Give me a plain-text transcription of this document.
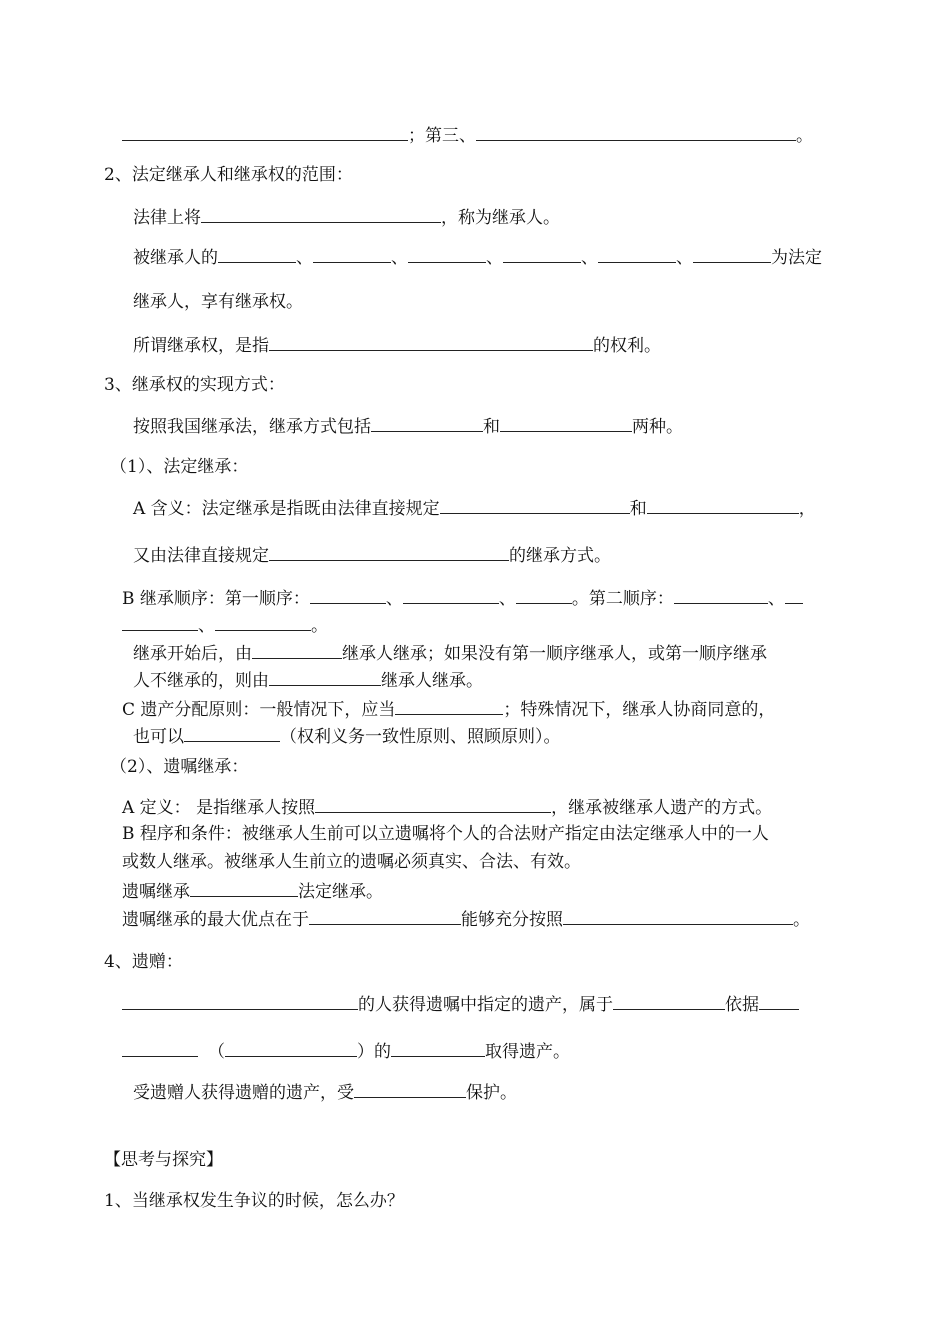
；第三、	。
2、法定继承人和继承权的范围：
法律上将	，称为继承人。
被继承人的	、	、	、	、	、	为法定
继承人，享有继承权。
所谓继承权，是指	的权利。
3、继承权的实现方式：
按照我国继承法，继承方式包括	和	两种。
（1）、法定继承：
A 含义：法定继承是指既由法律直接规定	和	，
又由法律直接规定	的继承方式。
B 继承顺序：第一顺序：	、	、	。第二顺序：	、
、	。
继承开始后，由	继承人继承；如果没有第一顺序继承人，或第一顺序继承
人不继承的，则由	继承人继承。
C 遗产分配原则：一般情况下，应当	；特殊情况下，继承人协商同意的，
也可以	（权利义务一致性原则、照顾原则）。
（2）、遗嘱继承：
A 定义： 是指继承人按照	，继承被继承人遗产的方式。
B 程序和条件：被继承人生前可以立遗嘱将个人的合法财产指定由法定继承人中的一人
或数人继承。被继承人生前立的遗嘱必须真实、合法、有效。
遗嘱继承	法定继承。
遗嘱继承的最大优点在于	能够充分按照	。
4、遗赠：
的人获得遗嘱中指定的遗产，属于	依据
（	）的	取得遗产。
受遗赠人获得遗赠的遗产，受	保护。
【思考与探究】
1、当继承权发生争议的时候，怎么办？
